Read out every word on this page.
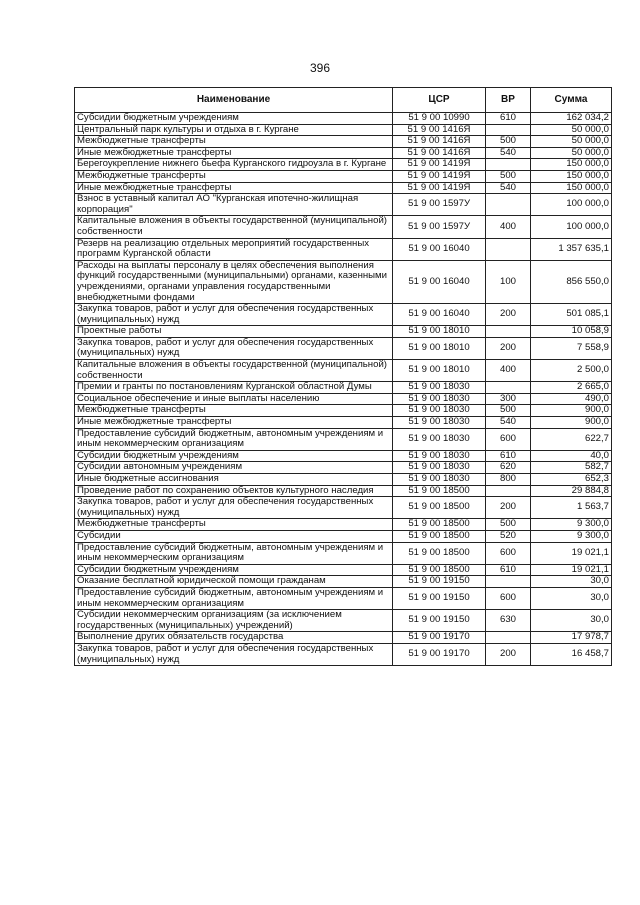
396
Наименование	ЦСР	ВР	Сумма
Субсидии бюджетным учреждениям	51 9 00 10990	610	162 034,2
Центральный парк культуры и отдыха в г. Кургане	51 9 00 1416Я		50 000,0
Межбюджетные трансферты	51 9 00 1416Я	500	50 000,0
Иные межбюджетные трансферты	51 9 00 1416Я	540	50 000,0
Берегоукрепление нижнего бьефа Курганского гидроузла в г. Кургане	51 9 00 1419Я		150 000,0
Межбюджетные трансферты	51 9 00 1419Я	500	150 000,0
Иные межбюджетные трансферты	51 9 00 1419Я	540	150 000,0
Взнос в уставный капитал АО "Курганская ипотечно-жилищная корпорация"	51 9 00 1597У		100 000,0
Капитальные вложения в объекты государственной (муниципальной) собственности	51 9 00 1597У	400	100 000,0
Резерв на реализацию отдельных мероприятий государственных программ Курганской области	51 9 00 16040		1 357 635,1
Расходы на выплаты персоналу в целях обеспечения выполнения функций государственными (муниципальными) органами, казенными учреждениями, органами управления государственными внебюджетными фондами	51 9 00 16040	100	856 550,0
Закупка товаров, работ и услуг для обеспечения государственных (муниципальных) нужд	51 9 00 16040	200	501 085,1
Проектные работы	51 9 00 18010		10 058,9
Закупка товаров, работ и услуг для обеспечения государственных (муниципальных) нужд	51 9 00 18010	200	7 558,9
Капитальные вложения в объекты государственной (муниципальной) собственности	51 9 00 18010	400	2 500,0
Премии и гранты по постановлениям Курганской областной Думы	51 9 00 18030		2 665,0
Социальное обеспечение и иные выплаты населению	51 9 00 18030	300	490,0
Межбюджетные трансферты	51 9 00 18030	500	900,0
Иные межбюджетные трансферты	51 9 00 18030	540	900,0
Предоставление субсидий бюджетным, автономным учреждениям и иным некоммерческим организациям	51 9 00 18030	600	622,7
Субсидии бюджетным учреждениям	51 9 00 18030	610	40,0
Субсидии автономным учреждениям	51 9 00 18030	620	582,7
Иные бюджетные ассигнования	51 9 00 18030	800	652,3
Проведение работ по сохранению объектов культурного наследия	51 9 00 18500		29 884,8
Закупка товаров, работ и услуг для обеспечения государственных (муниципальных) нужд	51 9 00 18500	200	1 563,7
Межбюджетные трансферты	51 9 00 18500	500	9 300,0
Субсидии	51 9 00 18500	520	9 300,0
Предоставление субсидий бюджетным, автономным учреждениям и иным некоммерческим организациям	51 9 00 18500	600	19 021,1
Субсидии бюджетным учреждениям	51 9 00 18500	610	19 021,1
Оказание бесплатной юридической помощи гражданам	51 9 00 19150		30,0
Предоставление субсидий бюджетным, автономным учреждениям и иным некоммерческим организациям	51 9 00 19150	600	30,0
Субсидии некоммерческим организациям (за исключением государственных (муниципальных) учреждений)	51 9 00 19150	630	30,0
Выполнение других обязательств государства	51 9 00 19170		17 978,7
Закупка товаров, работ и услуг для обеспечения государственных (муниципальных) нужд	51 9 00 19170	200	16 458,7
